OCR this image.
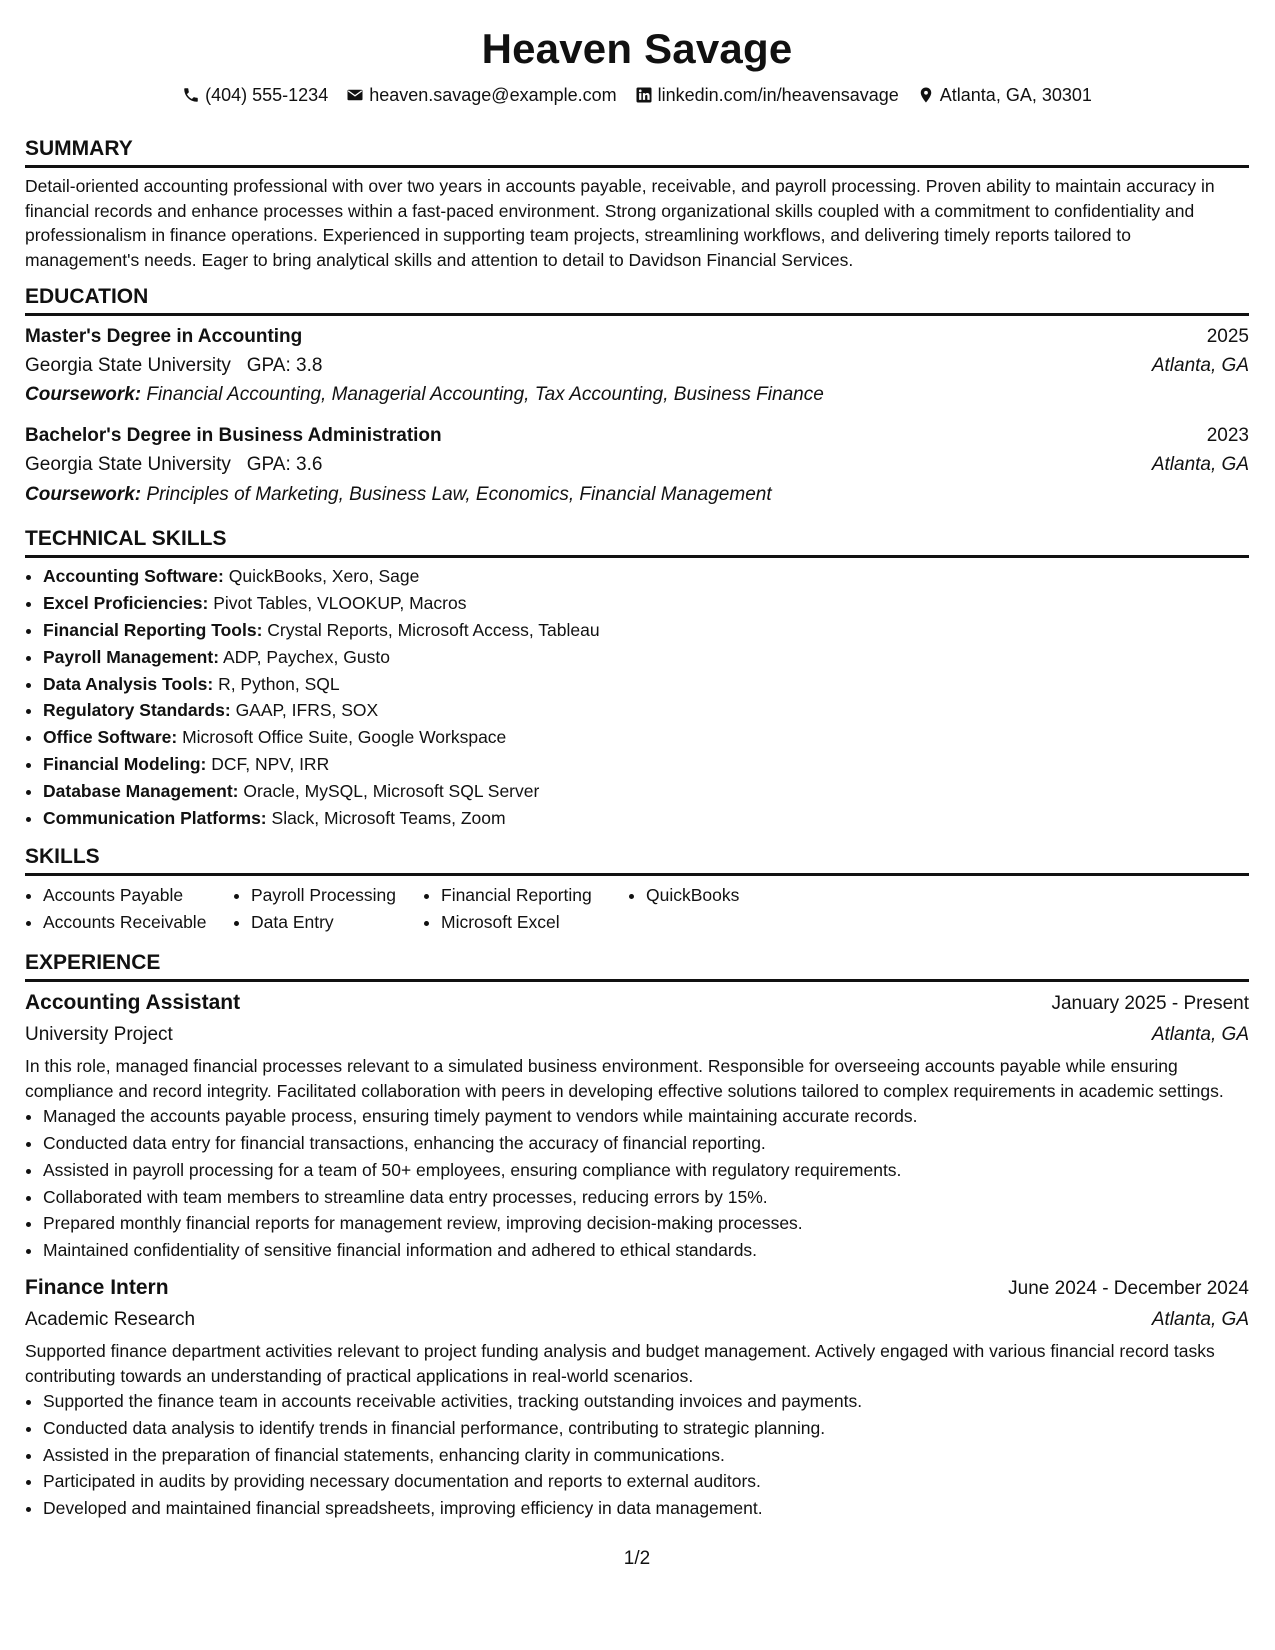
Heaven Savage
(404) 555-1234 heaven.savage@example.com linkedin.com/in/heavensavage Atlanta, GA, 30301
SUMMARY
Detail-oriented accounting professional with over two years in accounts payable, receivable, and payroll processing. Proven ability to maintain accuracy in financial records and enhance processes within a fast-paced environment. Strong organizational skills coupled with a commitment to confidentiality and professionalism in finance operations. Experienced in supporting team projects, streamlining workflows, and delivering timely reports tailored to management's needs. Eager to bring analytical skills and attention to detail to Davidson Financial Services.
EDUCATION
Master's Degree in Accounting	2025
Georgia State University GPA: 3.8	Atlanta, GA
Coursework: Financial Accounting, Managerial Accounting, Tax Accounting, Business Finance
Bachelor's Degree in Business Administration	2023
Georgia State University GPA: 3.6	Atlanta, GA
Coursework: Principles of Marketing, Business Law, Economics, Financial Management
TECHNICAL SKILLS
• Accounting Software: QuickBooks, Xero, Sage
• Excel Proficiencies: Pivot Tables, VLOOKUP, Macros
• Financial Reporting Tools: Crystal Reports, Microsoft Access, Tableau
• Payroll Management: ADP, Paychex, Gusto
• Data Analysis Tools: R, Python, SQL
• Regulatory Standards: GAAP, IFRS, SOX
• Office Software: Microsoft Office Suite, Google Workspace
• Financial Modeling: DCF, NPV, IRR
• Database Management: Oracle, MySQL, Microsoft SQL Server
• Communication Platforms: Slack, Microsoft Teams, Zoom
SKILLS
• Accounts Payable
• Accounts Receivable
• Payroll Processing
• Data Entry
• Financial Reporting
• Microsoft Excel
• QuickBooks
EXPERIENCE
Accounting Assistant	January 2025 - Present
University Project	Atlanta, GA
In this role, managed financial processes relevant to a simulated business environment. Responsible for overseeing accounts payable while ensuring compliance and record integrity. Facilitated collaboration with peers in developing effective solutions tailored to complex requirements in academic settings.
• Managed the accounts payable process, ensuring timely payment to vendors while maintaining accurate records.
• Conducted data entry for financial transactions, enhancing the accuracy of financial reporting.
• Assisted in payroll processing for a team of 50+ employees, ensuring compliance with regulatory requirements.
• Collaborated with team members to streamline data entry processes, reducing errors by 15%.
• Prepared monthly financial reports for management review, improving decision-making processes.
• Maintained confidentiality of sensitive financial information and adhered to ethical standards.
Finance Intern	June 2024 - December 2024
Academic Research	Atlanta, GA
Supported finance department activities relevant to project funding analysis and budget management. Actively engaged with various financial record tasks contributing towards an understanding of practical applications in real-world scenarios.
• Supported the finance team in accounts receivable activities, tracking outstanding invoices and payments.
• Conducted data analysis to identify trends in financial performance, contributing to strategic planning.
• Assisted in the preparation of financial statements, enhancing clarity in communications.
• Participated in audits by providing necessary documentation and reports to external auditors.
• Developed and maintained financial spreadsheets, improving efficiency in data management.
1/2
